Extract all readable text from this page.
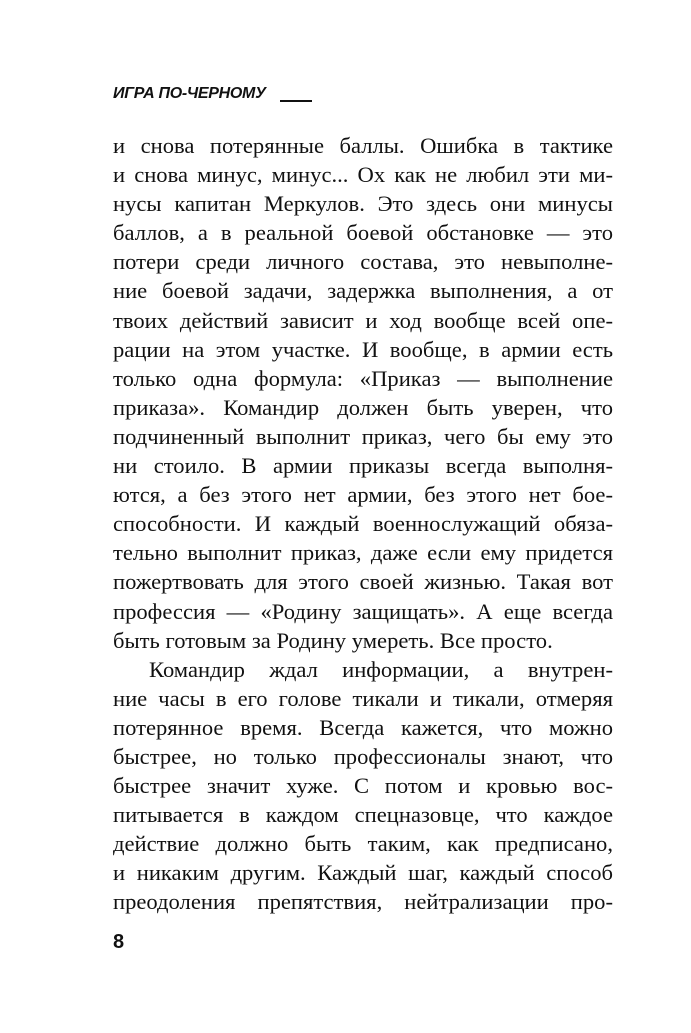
ИГРА ПО-ЧЕРНОМУ
и снова потерянные баллы. Ошибка в тактике
и снова минус, минус... Ох как не любил эти ми-
нусы капитан Меркулов. Это здесь они минусы
баллов, а в реальной боевой обстановке — это
потери среди личного состава, это невыполне-
ние боевой задачи, задержка выполнения, а от
твоих действий зависит и ход вообще всей опе-
рации на этом участке. И вообще, в армии есть
только одна формула: «Приказ — выполнение
приказа». Командир должен быть уверен, что
подчиненный выполнит приказ, чего бы ему это
ни стоило. В армии приказы всегда выполня-
ются, а без этого нет армии, без этого нет бое-
способности. И каждый военнослужащий обяза-
тельно выполнит приказ, даже если ему придется
пожертвовать для этого своей жизнью. Такая вот
профессия — «Родину защищать». А еще всегда
быть готовым за Родину умереть. Все просто.
Командир ждал информации, а внутрен-
ние часы в его голове тикали и тикали, отмеряя
потерянное время. Всегда кажется, что можно
быстрее, но только профессионалы знают, что
быстрее значит хуже. С потом и кровью вос-
питывается в каждом спецназовце, что каждое
действие должно быть таким, как предписано,
и никаким другим. Каждый шаг, каждый способ
преодоления препятствия, нейтрализации про-
8
